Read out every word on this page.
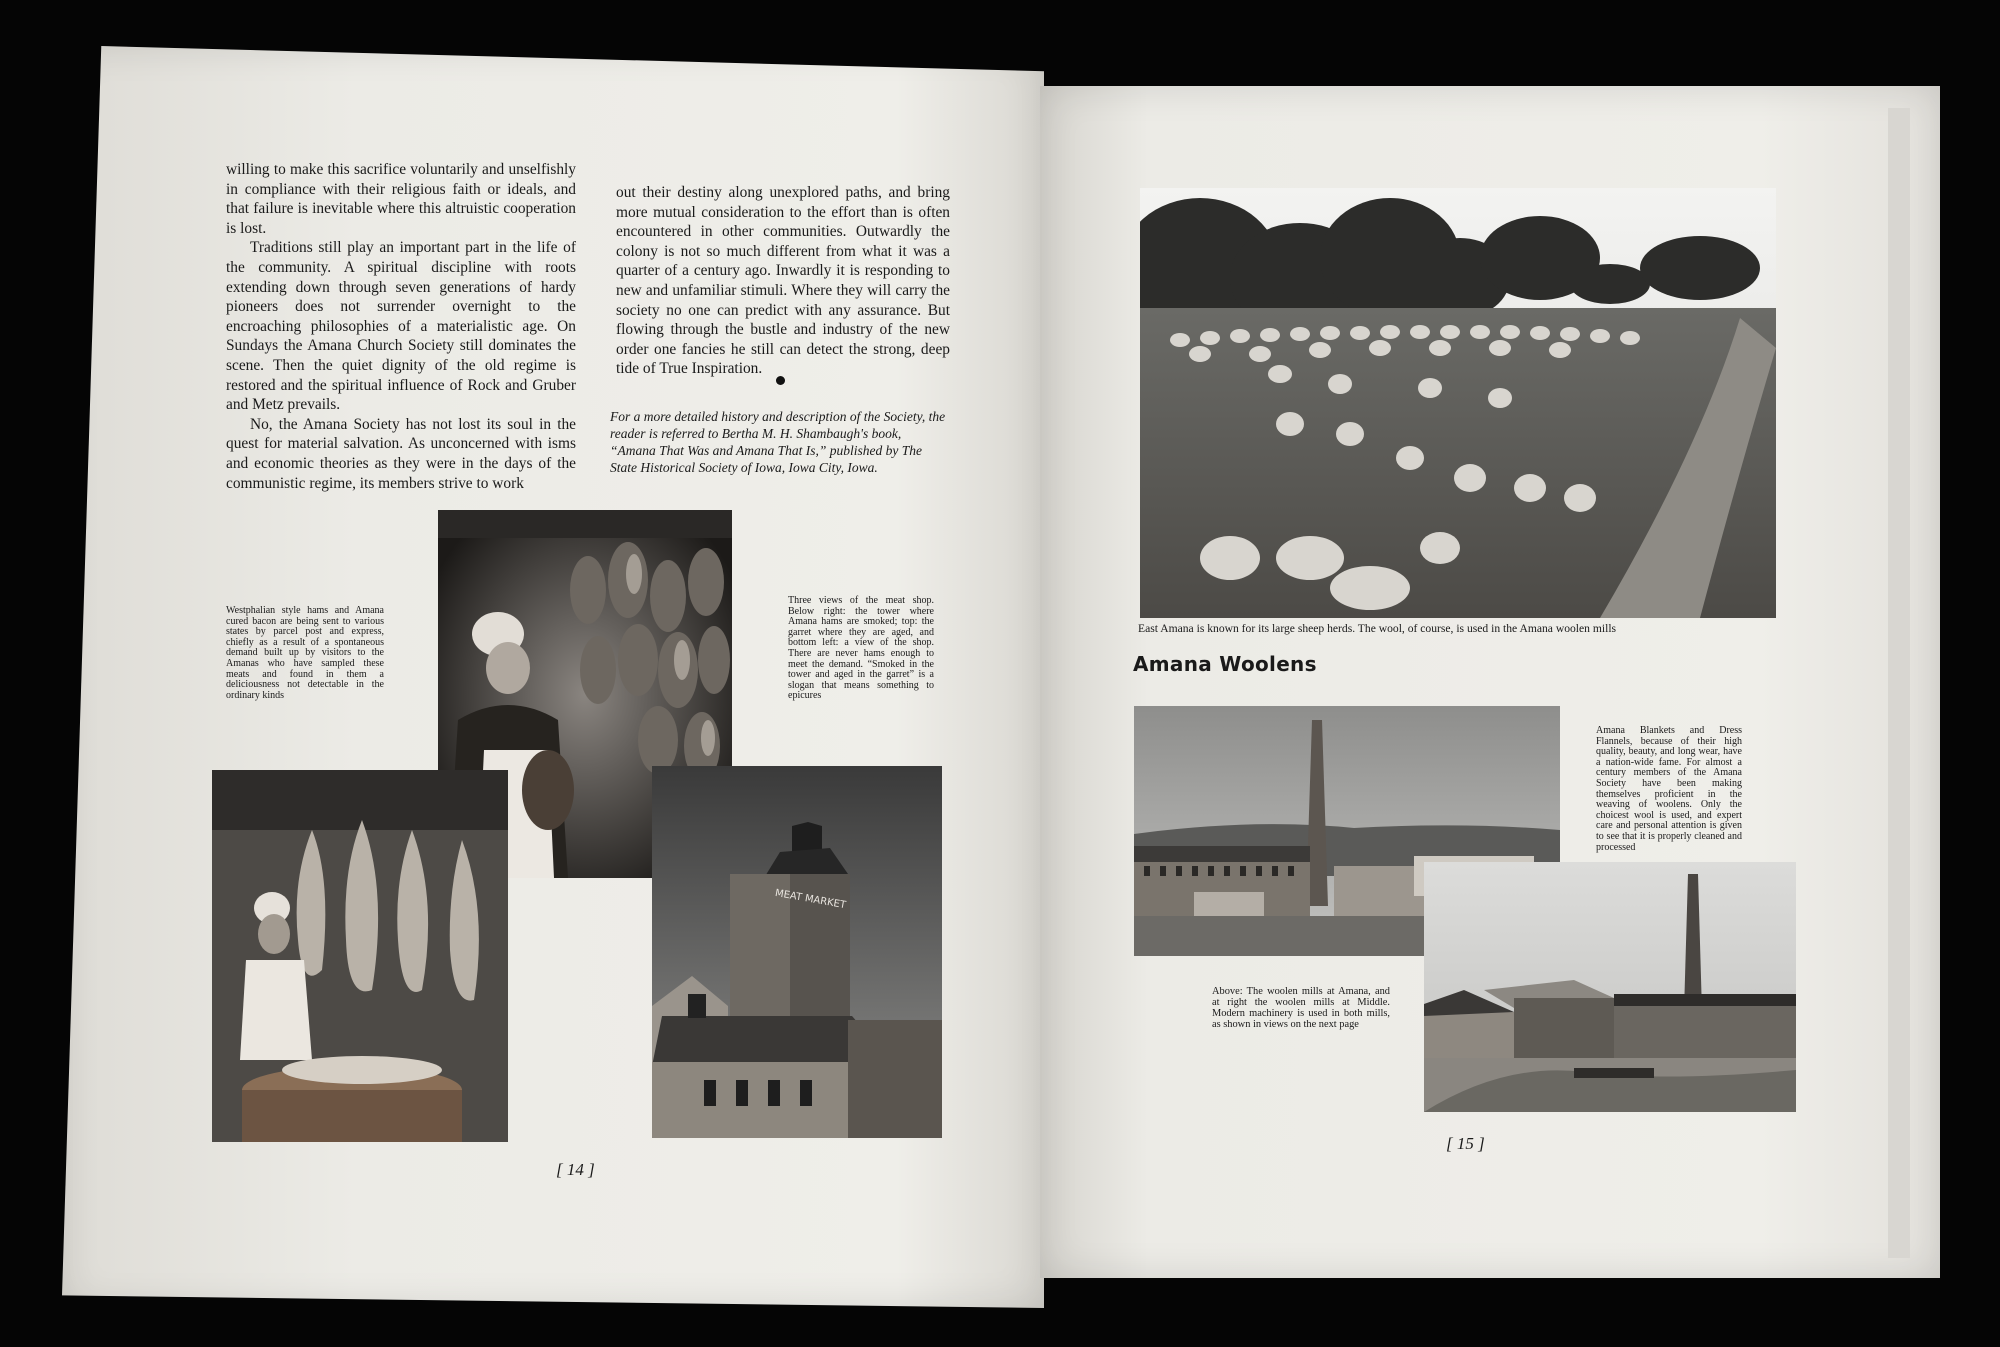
willing to make this sacrifice voluntarily and unselfishly in compliance with their religious faith or ideals, and that failure is inevitable where this altruistic cooperation is lost.

Traditions still play an important part in the life of the community. A spiritual discipline with roots extending down through seven generations of hardy pioneers does not surrender overnight to the encroaching philosophies of a materialistic age. On Sundays the Amana Church Society still dominates the scene. Then the quiet dignity of the old regime is restored and the spiritual influence of Rock and Gruber and Metz prevails.

No, the Amana Society has not lost its soul in the quest for material salvation. As unconcerned with isms and economic theories as they were in the days of the communistic regime, its members strive to work

out their destiny along unexplored paths, and bring more mutual consideration to the effort than is often encountered in other communities. Outwardly the colony is not so much different from what it was a quarter of a century ago. Inwardly it is responding to new and unfamiliar stimuli. Where they will carry the society no one can predict with any assurance. But flowing through the bustle and industry of the new order one fancies he still can detect the strong, deep tide of True Inspiration.

For a more detailed history and description of the Society, the reader is referred to Bertha M. H. Shambaugh's book, “Amana That Was and Amana That Is,” published by The State Historical Society of Iowa, Iowa City, Iowa.
Westphalian style hams and Amana cured bacon are being sent to various states by parcel post and express, chiefly as a result of a spontaneous demand built up by visitors to the Amanas who have sampled these meats and found in them a deliciousness not detectable in the ordinary kinds
Three views of the meat shop. Below right: the tower where Amana hams are smoked; top: the garret where they are aged, and bottom left: a view of the shop. There are never hams enough to meet the demand. “Smoked in the tower and aged in the garret” is a slogan that means something to epicures
MEAT MARKET
[ 14 ]
East Amana is known for its large sheep herds. The wool, of course, is used in the Amana woolen mills
Amana Woolens
Amana Blankets and Dress Flannels, because of their high quality, beauty, and long wear, have a nation-wide fame. For almost a century members of the Amana Society have been making themselves proficient in the weaving of woolens. Only the choicest wool is used, and expert care and personal attention is given to see that it is properly cleaned and processed
Above: The woolen mills at Amana, and at right the woolen mills at Middle. Modern machinery is used in both mills, as shown in views on the next page
[ 15 ]
